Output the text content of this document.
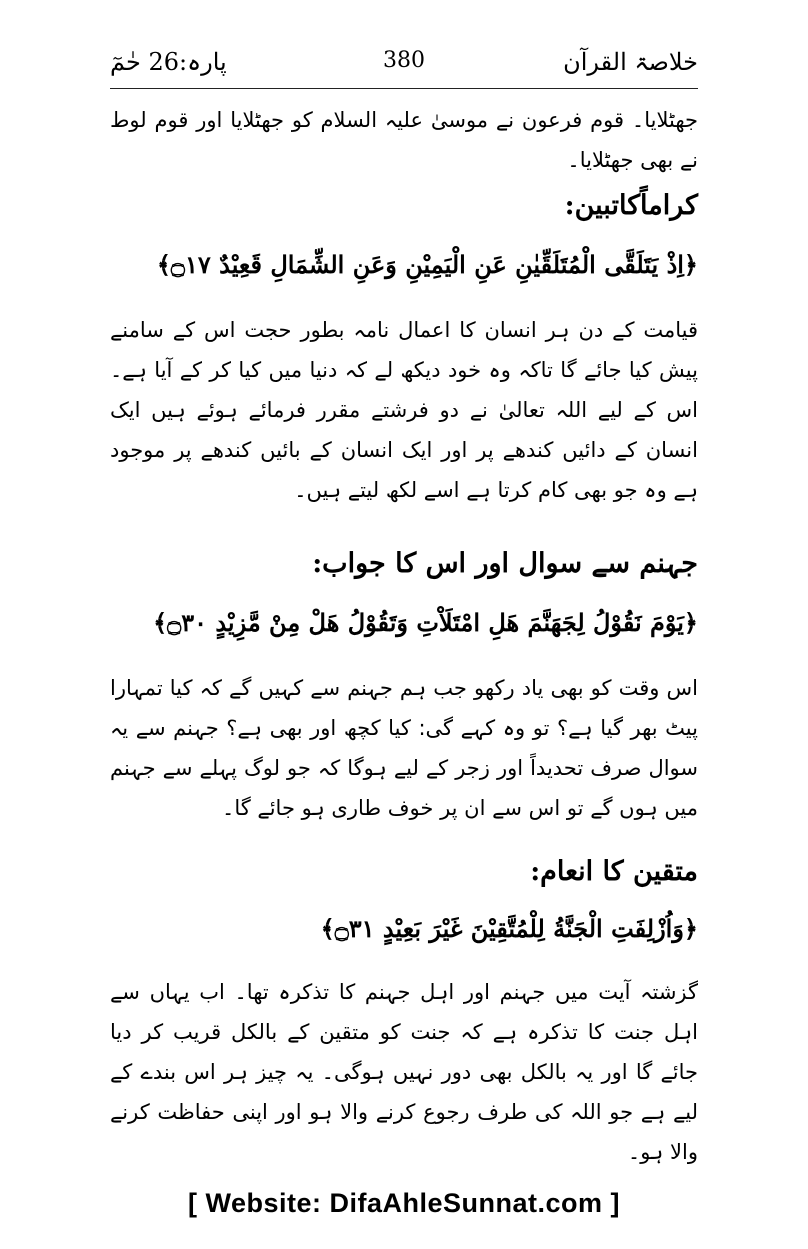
پارہ:26 حٰمٓ	380	خلاصۃ القرآن
جھٹلایا۔ قوم فرعون نے موسیٰ علیہ السلام کو جھٹلایا اور قوم لوط نے بھی جھٹلایا۔
کراماًکاتبین:
﴿اِذْ یَتَلَقَّى الْمُتَلَقِّیٰنِ عَنِ الْیَمِیْنِ وَعَنِ الشِّمَالِ قَعِیْدٌ ۝١٧﴾
قیامت کے دن ہر انسان کا اعمال نامہ بطور حجت اس کے سامنے پیش کیا جائے گا تاکہ وہ خود دیکھ لے کہ دنیا میں کیا کر کے آیا ہے۔ اس کے لیے اللہ تعالیٰ نے دو فرشتے مقرر فرمائے ہوئے ہیں ایک انسان کے دائیں کندھے پر اور ایک انسان کے بائیں کندھے پر موجود ہے وہ جو بھی کام کرتا ہے اسے لکھ لیتے ہیں۔
جہنم سے سوال اور اس کا جواب:
﴿یَوْمَ نَقُوْلُ لِجَهَنَّمَ هَلِ امْتَلَاْتِ وَتَقُوْلُ هَلْ مِنْ مَّزِیْدٍ ۝٣٠﴾
اس وقت کو بھی یاد رکھو جب ہم جہنم سے کہیں گے کہ کیا تمہارا پیٹ بھر گیا ہے؟ تو وہ کہے گی: کیا کچھ اور بھی ہے؟ جہنم سے یہ سوال صرف تحدیداً اور زجر کے لیے ہوگا کہ جو لوگ پہلے سے جہنم میں ہوں گے تو اس سے ان پر خوف طاری ہو جائے گا۔
متقین کا انعام:
﴿وَاُزْلِفَتِ الْجَنَّةُ لِلْمُتَّقِیْنَ غَیْرَ بَعِیْدٍ ۝٣١﴾
گزشتہ آیت میں جہنم اور اہل جہنم کا تذکرہ تھا۔ اب یہاں سے اہل جنت کا تذکرہ ہے کہ جنت کو متقین کے بالکل قریب کر دیا جائے گا اور یہ بالکل بھی دور نہیں ہوگی۔ یہ چیز ہر اس بندے کے لیے ہے جو اللہ کی طرف رجوع کرنے والا ہو اور اپنی حفاظت کرنے والا ہو۔
[ Website: DifaAhleSunnat.com ]
